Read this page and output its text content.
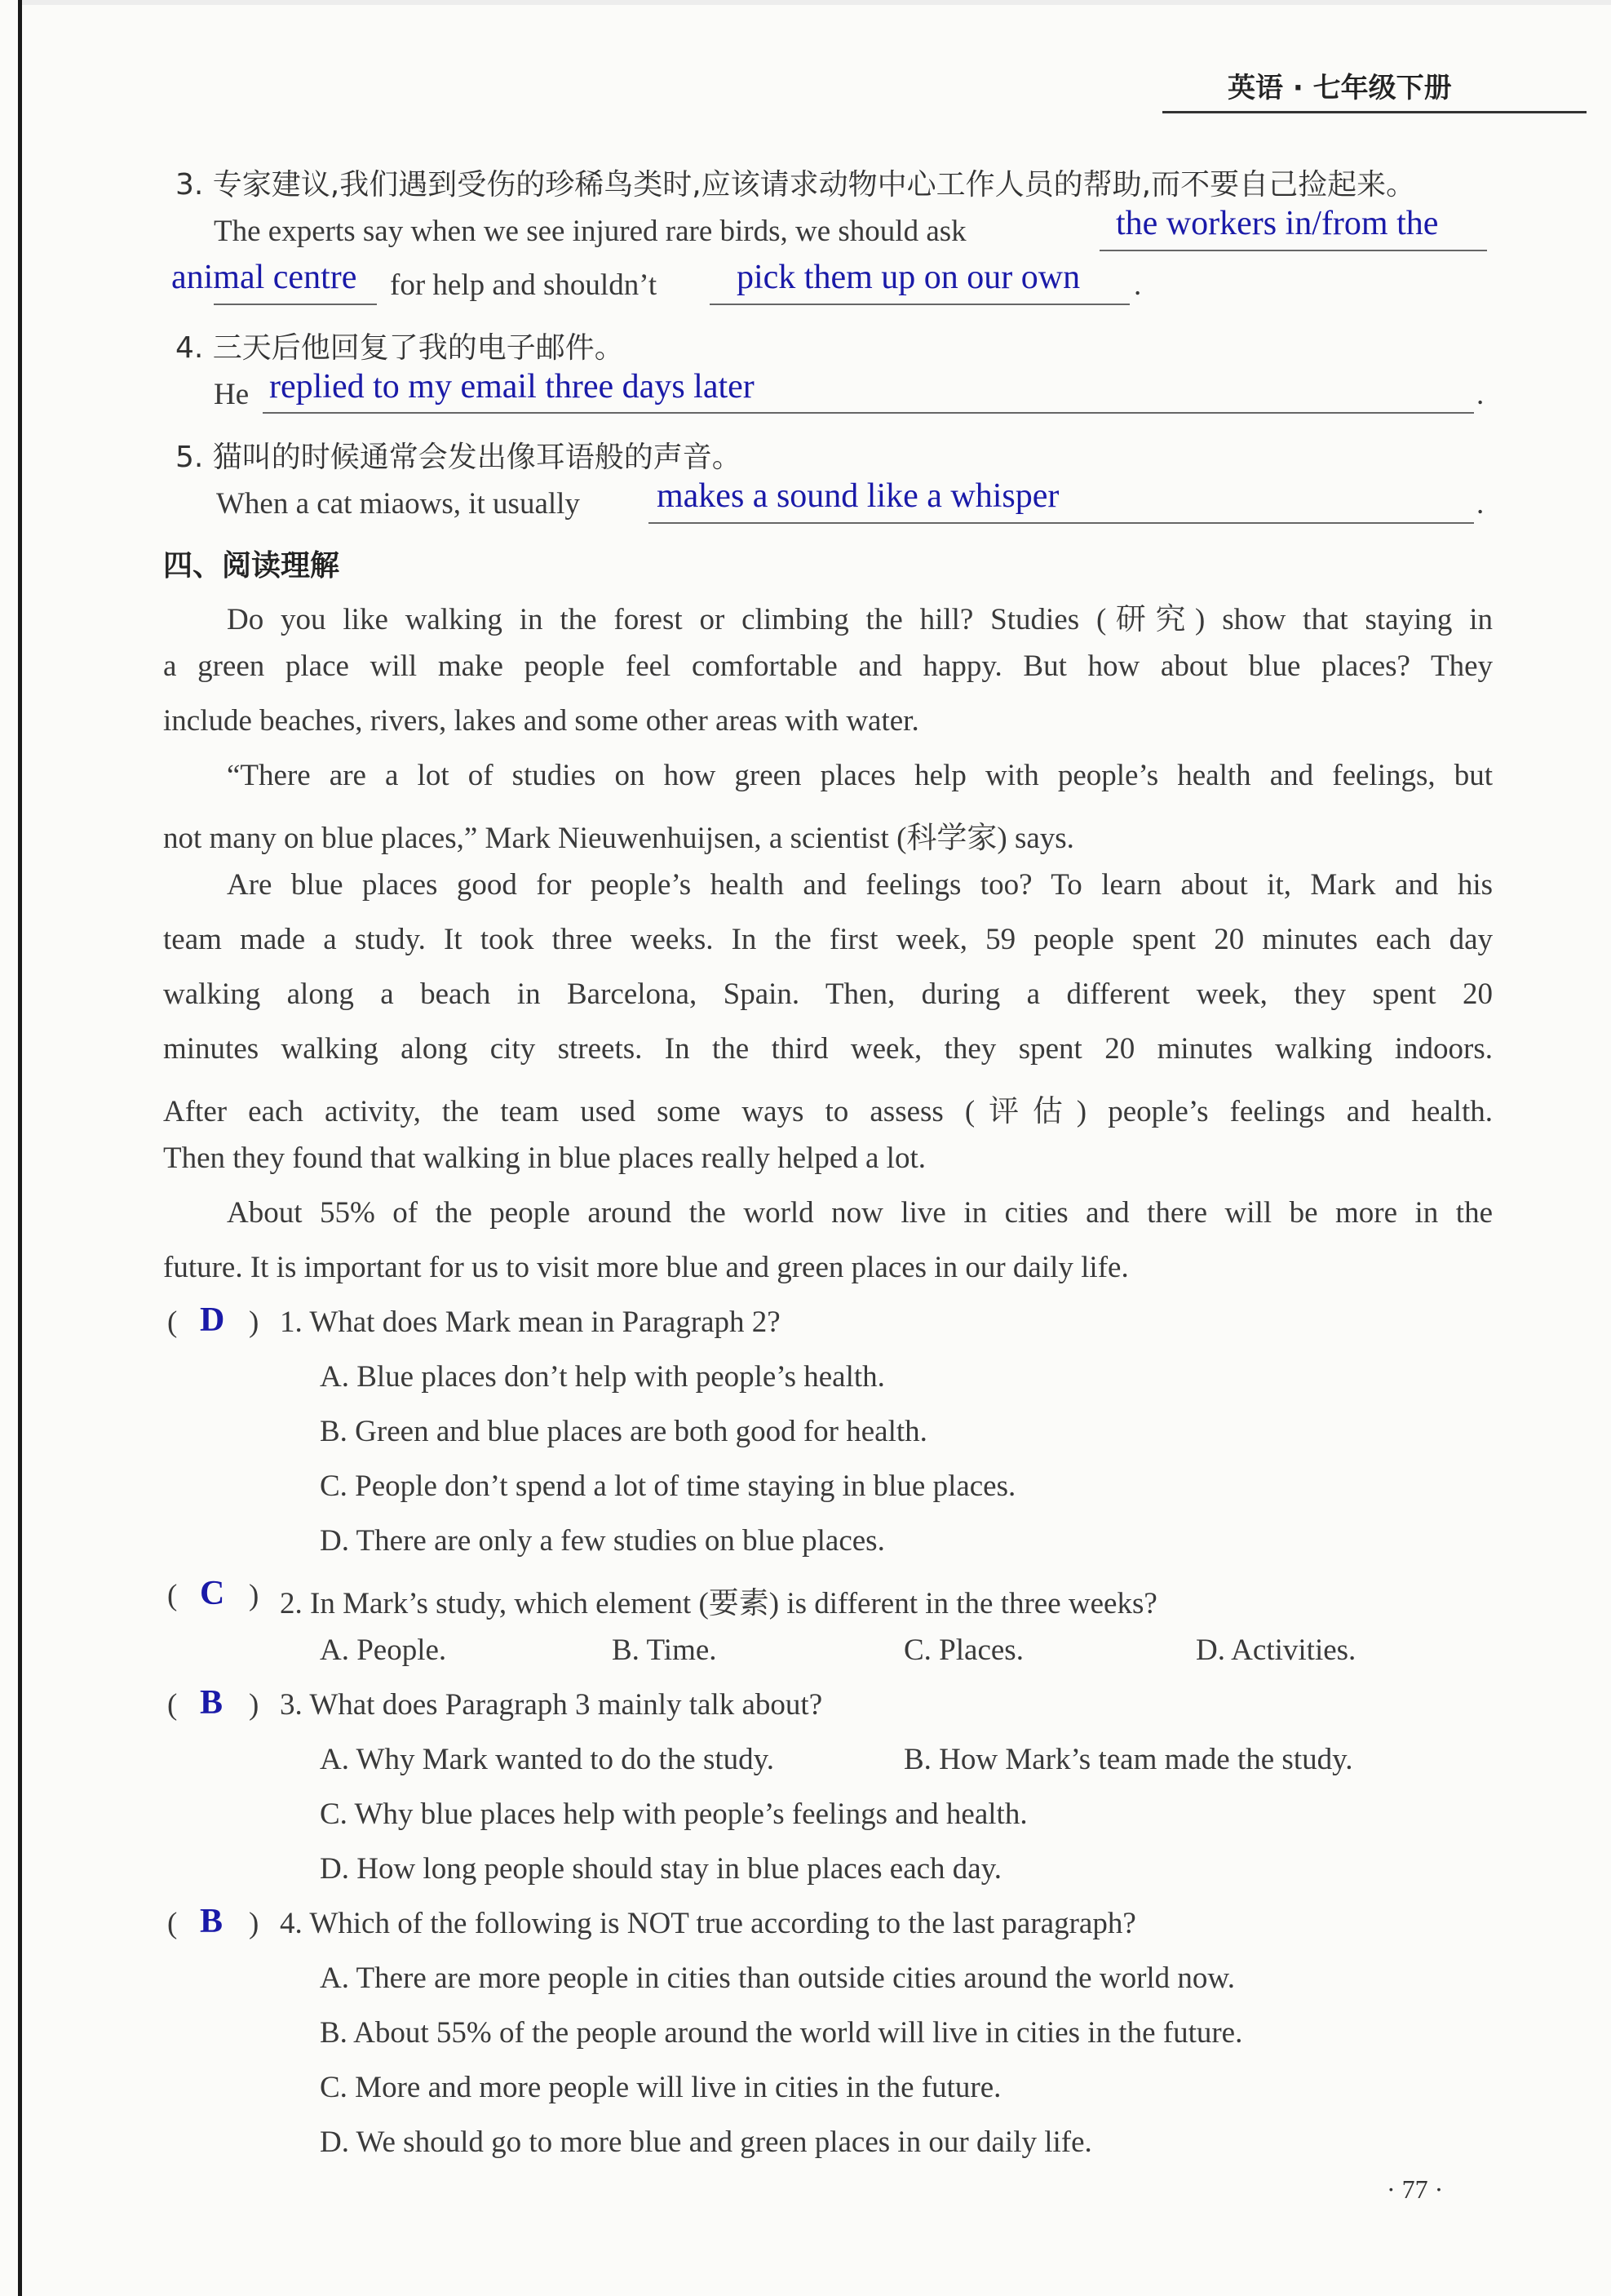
英语 · 七年级下册
3. 专家建议,我们遇到受伤的珍稀鸟类时,应该请求动物中心工作人员的帮助,而不要自己捡起来。
The experts say when we see injured rare birds, we should ask	the workers in/from the
animal centre for help and shouldn’t pick them up on our own .
4. 三天后他回复了我的电子邮件。
He replied to my email three days later	.
5. 猫叫的时候通常会发出像耳语般的声音。
When a cat miaows, it usually makes a sound like a whisper	.
四、阅读理解
Do you like walking in the forest or climbing the hill? Studies (研究) show that staying in
a green place will make people feel comfortable and happy. But how about blue places? They
include beaches, rivers, lakes and some other areas with water.
“There are a lot of studies on how green places help with people’s health and feelings, but
not many on blue places,” Mark Nieuwenhuijsen, a scientist (科学家) says.
Are blue places good for people’s health and feelings too? To learn about it, Mark and his
team made a study. It took three weeks. In the first week, 59 people spent 20 minutes each day
walking along a beach in Barcelona, Spain. Then, during a different week, they spent 20
minutes walking along city streets. In the third week, they spent 20 minutes walking indoors.
After each activity, the team used some ways to assess (评估) people’s feelings and health.
Then they found that walking in blue places really helped a lot.
About 55% of the people around the world now live in cities and there will be more in the
future. It is important for us to visit more blue and green places in our daily life.
( D ) 1. What does Mark mean in Paragraph 2?
A. Blue places don’t help with people’s health.
B. Green and blue places are both good for health.
C. People don’t spend a lot of time staying in blue places.
D. There are only a few studies on blue places.
( C ) 2. In Mark’s study, which element (要素) is different in the three weeks?
A. People.	B. Time.	C. Places.	D. Activities.
( B ) 3. What does Paragraph 3 mainly talk about?
A. Why Mark wanted to do the study.	B. How Mark’s team made the study.
C. Why blue places help with people’s feelings and health.
D. How long people should stay in blue places each day.
( B ) 4. Which of the following is NOT true according to the last paragraph?
A. There are more people in cities than outside cities around the world now.
B. About 55% of the people around the world will live in cities in the future.
C. More and more people will live in cities in the future.
D. We should go to more blue and green places in our daily life.
· 77 ·
